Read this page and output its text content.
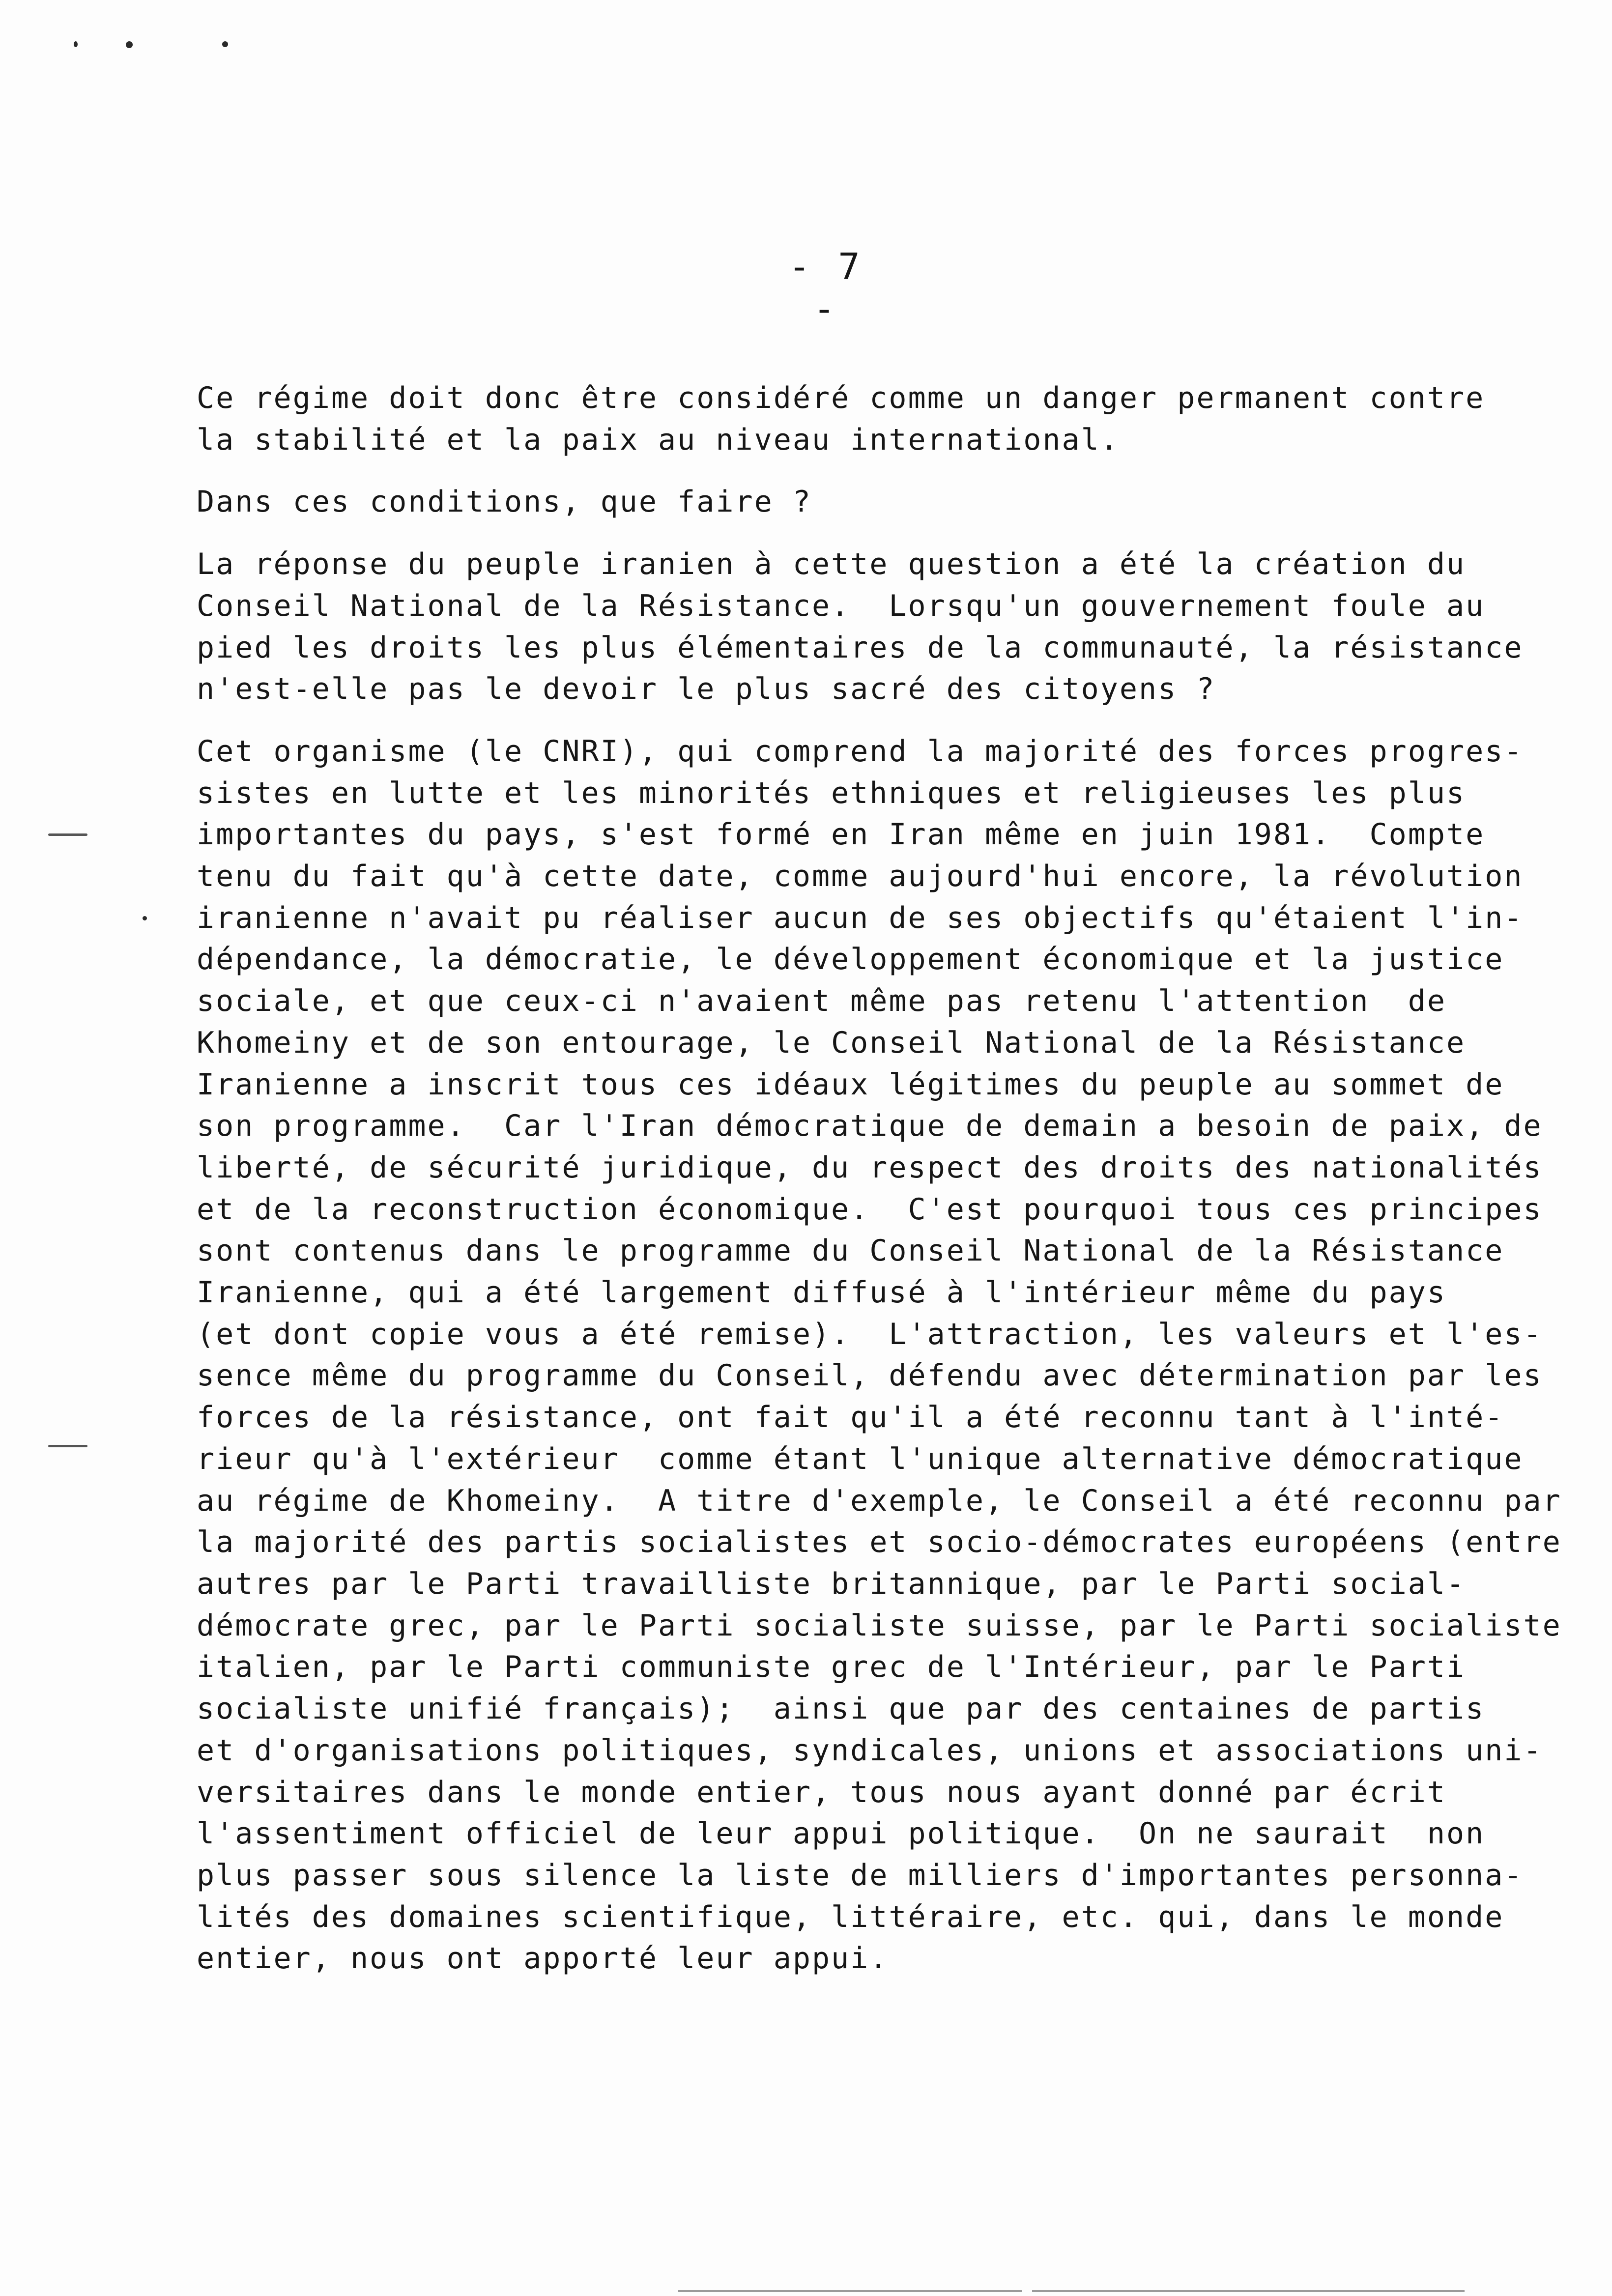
- 7 -

Ce régime doit donc être considéré comme un danger permanent contre
la stabilité et la paix au niveau international.

Dans ces conditions, que faire ?

La réponse du peuple iranien à cette question a été la création du
Conseil National de la Résistance.  Lorsqu'un gouvernement foule au
pied les droits les plus élémentaires de la communauté, la résistance
n'est-elle pas le devoir le plus sacré des citoyens ?

Cet organisme (le CNRI), qui comprend la majorité des forces progres-
sistes en lutte et les minorités ethniques et religieuses les plus
importantes du pays, s'est formé en Iran même en juin 1981.  Compte
tenu du fait qu'à cette date, comme aujourd'hui encore, la révolution
iranienne n'avait pu réaliser aucun de ses objectifs qu'étaient l'in-
dépendance, la démocratie, le développement économique et la justice
sociale, et que ceux-ci n'avaient même pas retenu l'attention  de
Khomeiny et de son entourage, le Conseil National de la Résistance
Iranienne a inscrit tous ces idéaux légitimes du peuple au sommet de
son programme.  Car l'Iran démocratique de demain a besoin de paix, de
liberté, de sécurité juridique, du respect des droits des nationalités
et de la reconstruction économique.  C'est pourquoi tous ces principes
sont contenus dans le programme du Conseil National de la Résistance
Iranienne, qui a été largement diffusé à l'intérieur même du pays
(et dont copie vous a été remise).  L'attraction, les valeurs et l'es-
sence même du programme du Conseil, défendu avec détermination par les
forces de la résistance, ont fait qu'il a été reconnu tant à l'inté-
rieur qu'à l'extérieur  comme étant l'unique alternative démocratique
au régime de Khomeiny.  A titre d'exemple, le Conseil a été reconnu par
la majorité des partis socialistes et socio-démocrates européens (entre
autres par le Parti travailliste britannique, par le Parti social-
démocrate grec, par le Parti socialiste suisse, par le Parti socialiste
italien, par le Parti communiste grec de l'Intérieur, par le Parti
socialiste unifié français);  ainsi que par des centaines de partis
et d'organisations politiques, syndicales, unions et associations uni-
versitaires dans le monde entier, tous nous ayant donné par écrit
l'assentiment officiel de leur appui politique.  On ne saurait  non
plus passer sous silence la liste de milliers d'importantes personna-
lités des domaines scientifique, littéraire, etc. qui, dans le monde
entier, nous ont apporté leur appui.
